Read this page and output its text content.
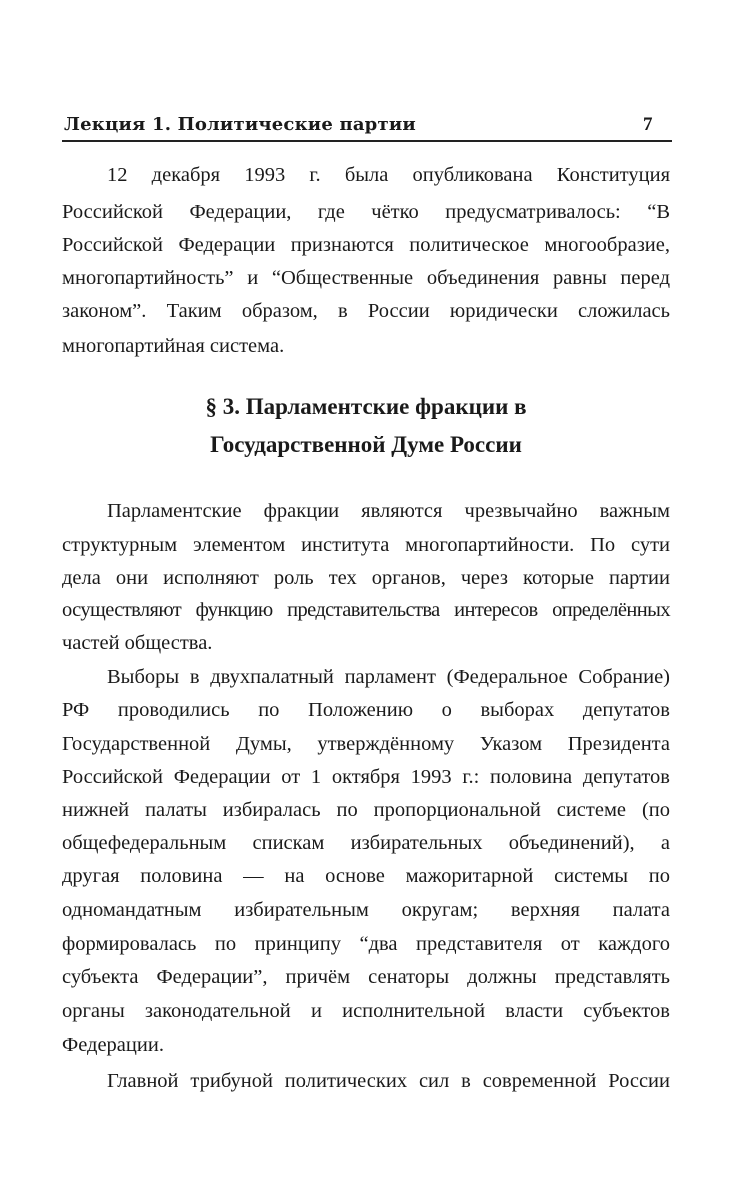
Лекция 1. Политические партии	7
12 декабря 1993 г. была опубликована Конституция
Российской Федерации, где чётко предусматривалось: “В
Российской Федерации признаются политическое многообразие,
многопартийность” и “Общественные объединения равны перед
законом”. Таким образом, в России юридически сложилась
многопартийная система.
§ 3. Парламентские фракции в
Государственной Думе России
Парламентские фракции являются чрезвычайно важным
структурным элементом института многопартийности. По сути
дела они исполняют роль тех органов, через которые партии
осуществляют функцию представительства интересов определённых
частей общества.
Выборы в двухпалатный парламент (Федеральное Собрание)
РФ проводились по Положению о выборах депутатов
Государственной Думы, утверждённому Указом Президента
Российской Федерации от 1 октября 1993 г.: половина депутатов
нижней палаты избиралась по пропорциональной системе (по
общефедеральным спискам избирательных объединений), а
другая половина — на основе мажоритарной системы по
одномандатным избирательным округам; верхняя палата
формировалась по принципу “два представителя от каждого
субъекта Федерации”, причём сенаторы должны представлять
органы законодательной и исполнительной власти субъектов
Федерации.
Главной трибуной политических сил в современной России
